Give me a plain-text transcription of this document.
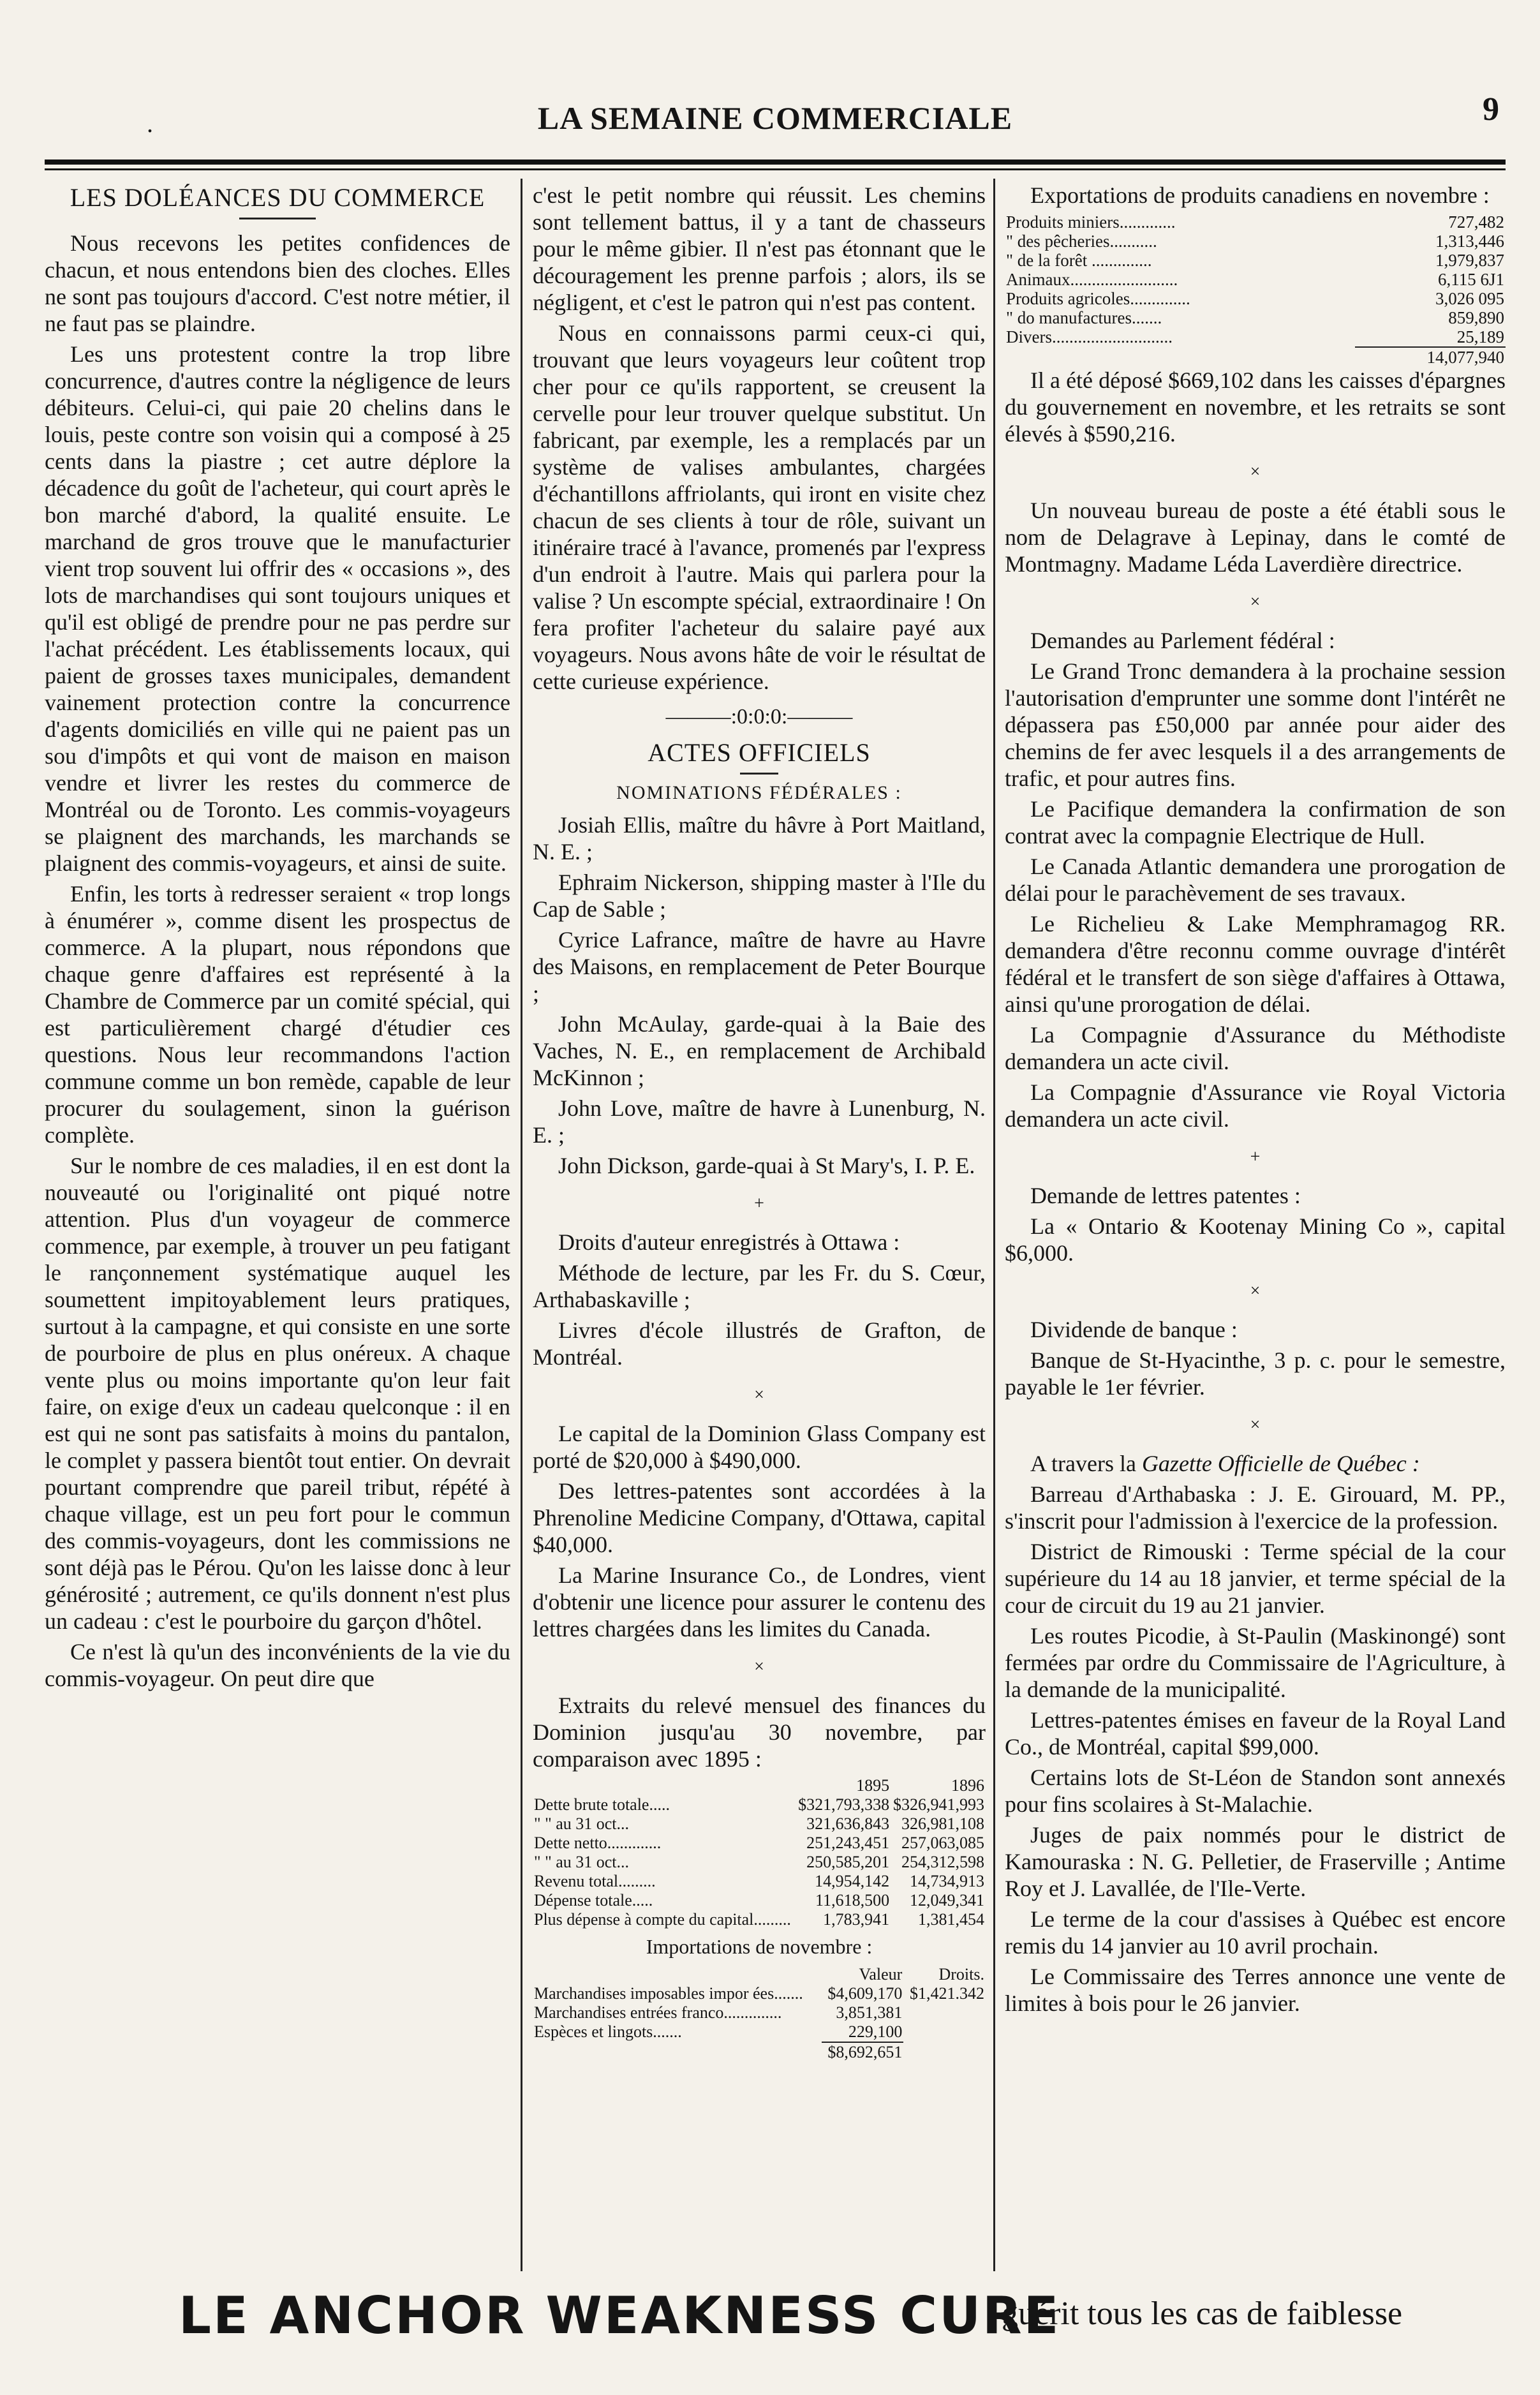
.	LA SEMAINE COMMERCIALE	9
LES DOLÉANCES DU COMMERCE

Nous recevons les petites confidences de chacun, et nous entendons bien des cloches. Elles ne sont pas toujours d'accord. C'est notre métier, il ne faut pas se plaindre.

Les uns protestent contre la trop libre concurrence, d'autres contre la négligence de leurs débiteurs. Celui-ci, qui paie 20 chelins dans le louis, peste contre son voisin qui a composé à 25 cents dans la piastre ; cet autre déplore la décadence du goût de l'acheteur, qui court après le bon marché d'abord, la qualité ensuite. Le marchand de gros trouve que le manufacturier vient trop souvent lui offrir des « occasions », des lots de marchandises qui sont toujours uniques et qu'il est obligé de prendre pour ne pas perdre sur l'achat précédent. Les établissements locaux, qui paient de grosses taxes municipales, demandent vainement protection contre la concurrence d'agents domiciliés en ville qui ne paient pas un sou d'impôts et qui vont de maison en maison vendre et livrer les restes du commerce de Montréal ou de Toronto. Les commis-voyageurs se plaignent des marchands, les marchands se plaignent des commis-voyageurs, et ainsi de suite.

Enfin, les torts à redresser seraient « trop longs à énumérer », comme disent les prospectus de commerce. A la plupart, nous répondons que chaque genre d'affaires est représenté à la Chambre de Commerce par un comité spécial, qui est particulièrement chargé d'étudier ces questions. Nous leur recommandons l'action commune comme un bon remède, capable de leur procurer du soulagement, sinon la guérison complète.

Sur le nombre de ces maladies, il en est dont la nouveauté ou l'originalité ont piqué notre attention. Plus d'un voyageur de commerce commence, par exemple, à trouver un peu fatigant le rançonnement systématique auquel les soumettent impitoyablement leurs pratiques, surtout à la campagne, et qui consiste en une sorte de pourboire de plus en plus onéreux. A chaque vente plus ou moins importante qu'on leur fait faire, on exige d'eux un cadeau quelconque : il en est qui ne sont pas satisfaits à moins du pantalon, le complet y passera bientôt tout entier. On devrait pourtant comprendre que pareil tribut, répété à chaque village, est un peu fort pour le commun des commis-voyageurs, dont les commissions ne sont déjà pas le Pérou. Qu'on les laisse donc à leur générosité ; autrement, ce qu'ils donnent n'est plus un cadeau : c'est le pourboire du garçon d'hôtel.

Ce n'est là qu'un des inconvénients de la vie du commis-voyageur. On peut dire que

c'est le petit nombre qui réussit. Les chemins sont tellement battus, il y a tant de chasseurs pour le même gibier. Il n'est pas étonnant que le découragement les prenne parfois ; alors, ils se négligent, et c'est le patron qui n'est pas content.

Nous en connaissons parmi ceux-ci qui, trouvant que leurs voyageurs leur coûtent trop cher pour ce qu'ils rapportent, se creusent la cervelle pour leur trouver quelque substitut. Un fabricant, par exemple, les a remplacés par un système de valises ambulantes, chargées d'échantillons affriolants, qui iront en visite chez chacun de ses clients à tour de rôle, suivant un itinéraire tracé à l'avance, promenés par l'express d'un endroit à l'autre. Mais qui parlera pour la valise ? Un escompte spécial, extraordinaire ! On fera profiter l'acheteur du salaire payé aux voyageurs. Nous avons hâte de voir le résultat de cette curieuse expérience.

———:0:0:0:———
ACTES OFFICIELS
NOMINATIONS FÉDÉRALES :

Josiah Ellis, maître du hâvre à Port Maitland, N. E. ;

Ephraim Nickerson, shipping master à l'Ile du Cap de Sable ;

Cyrice Lafrance, maître de havre au Havre des Maisons, en remplacement de Peter Bourque ;

John McAulay, garde-quai à la Baie des Vaches, N. E., en remplacement de Archibald McKinnon ;

John Love, maître de havre à Lunenburg, N. E. ;

John Dickson, garde-quai à St Mary's, I. P. E.

+

Droits d'auteur enregistrés à Ottawa :

Méthode de lecture, par les Fr. du S. Cœur, Arthabaskaville ;

Livres d'école illustrés de Grafton, de Montréal.

×

Le capital de la Dominion Glass Company est porté de $20,000 à $490,000.

Des lettres-patentes sont accordées à la Phrenoline Medicine Company, d'Ottawa, capital $40,000.

La Marine Insurance Co., de Londres, vient d'obtenir une licence pour assurer le contenu des lettres chargées dans les limites du Canada.

×

Extraits du relevé mensuel des finances du Dominion jusqu'au 30 novembre, par comparaison avec 1895 :

	1895	1896
Dette brute totale.....	$321,793,338	$326,941,993
" " au 31 oct...	321,636,843	326,981,108
Dette netto.............	251,243,451	257,063,085
" " au 31 oct...	250,585,201	254,312,598
Revenu total.........	14,954,142	14,734,913
Dépense totale.....	11,618,500	12,049,341
Plus dépense à compte du capital.........	1,783,941	1,381,454
Importations de novembre :
	Valeur	Droits.
Marchandises imposables impor ées.......	$4,609,170	$1,421.342
Marchandises entrées franco..............	3,851,381	
Espèces et lingots.......	229,100	
	$8,692,651	

Exportations de produits canadiens en novembre :

Produits miniers.............	727,482
" des pêcheries...........	1,313,446
" de la forêt ..............	1,979,837
Animaux.........................	6,115 6J1
Produits agricoles..............	3,026 095
" do manufactures.......	859,890
Divers............................	25,189
	14,077,940

Il a été déposé $669,102 dans les caisses d'épargnes du gouvernement en novembre, et les retraits se sont élevés à $590,216.

×

Un nouveau bureau de poste a été établi sous le nom de Delagrave à Lepinay, dans le comté de Montmagny. Madame Léda Laverdière directrice.

×

Demandes au Parlement fédéral :

Le Grand Tronc demandera à la prochaine session l'autorisation d'emprunter une somme dont l'intérêt ne dépassera pas £50,000 par année pour aider des chemins de fer avec lesquels il a des arrangements de trafic, et pour autres fins.

Le Pacifique demandera la confirmation de son contrat avec la compagnie Electrique de Hull.

Le Canada Atlantic demandera une prorogation de délai pour le parachèvement de ses travaux.

Le Richelieu & Lake Memphramagog RR. demandera d'être reconnu comme ouvrage d'intérêt fédéral et le transfert de son siège d'affaires à Ottawa, ainsi qu'une prorogation de délai.

La Compagnie d'Assurance du Méthodiste demandera un acte civil.

La Compagnie d'Assurance vie Royal Victoria demandera un acte civil.

+

Demande de lettres patentes :

La « Ontario & Kootenay Mining Co », capital $6,000.

×

Dividende de banque :

Banque de St-Hyacinthe, 3 p. c. pour le semestre, payable le 1er février.

×

A travers la Gazette Officielle de Québec :

Barreau d'Arthabaska : J. E. Girouard, M. PP., s'inscrit pour l'admission à l'exercice de la profession.

District de Rimouski : Terme spécial de la cour supérieure du 14 au 18 janvier, et terme spécial de la cour de circuit du 19 au 21 janvier.

Les routes Picodie, à St-Paulin (Maskinongé) sont fermées par ordre du Commissaire de l'Agriculture, à la demande de la municipalité.

Lettres-patentes émises en faveur de la Royal Land Co., de Montréal, capital $99,000.

Certains lots de St-Léon de Standon sont annexés pour fins scolaires à St-Malachie.

Juges de paix nommés pour le district de Kamouraska : N. G. Pelletier, de Fraserville ; Antime Roy et J. Lavallée, de l'Ile-Verte.

Le terme de la cour d'assises à Québec est encore remis du 14 janvier au 10 avril prochain.

Le Commissaire des Terres annonce une vente de limites à bois pour le 26 janvier.

LE ANCHOR WEAKNESS CURE
guérit tous les cas de faiblesse
